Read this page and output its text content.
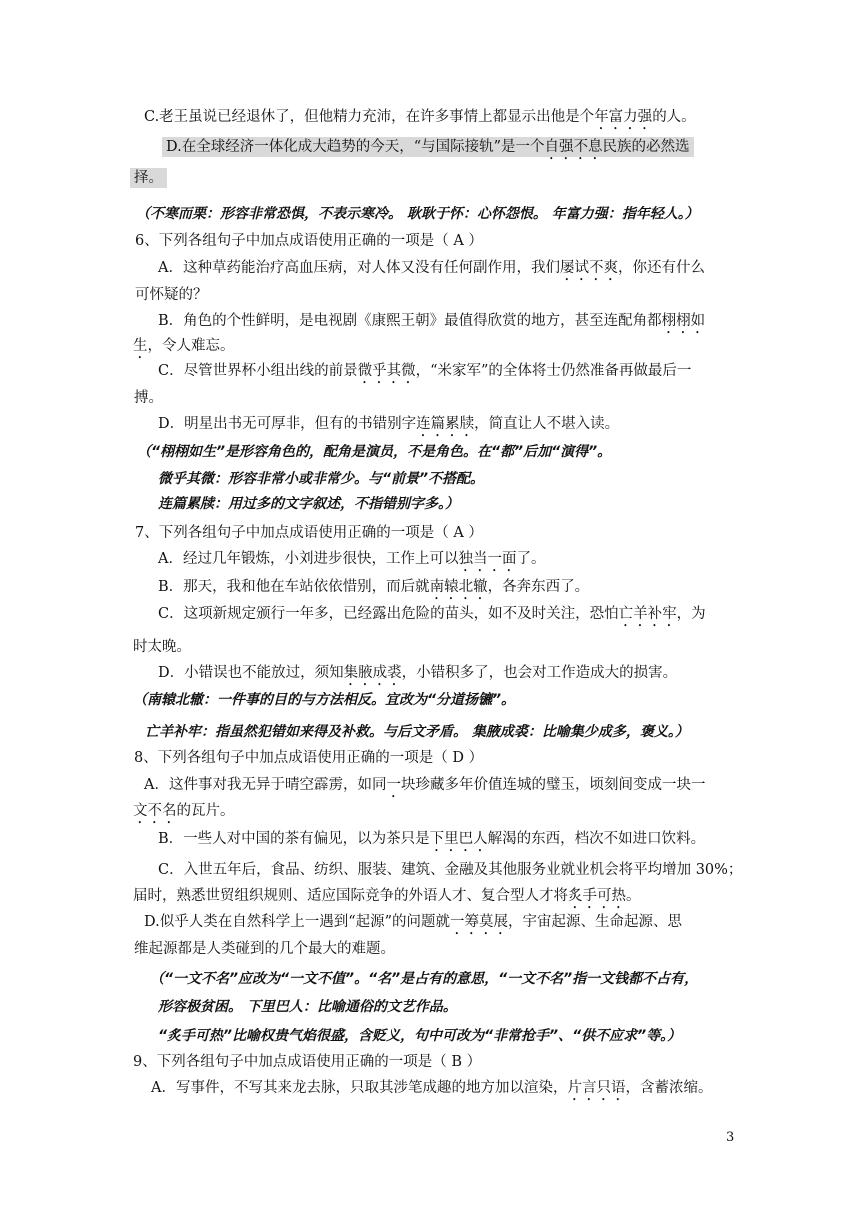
C.老王虽说已经退休了，但他精力充沛，在许多事情上都显示出他是个年富力强的人。
D.在全球经济一体化成大趋势的今天，“与国际接轨”是一个自强不息民族的必然选
择。
（不寒而栗：形容非常恐惧，不表示寒冷。 耿耿于怀：心怀怨恨。 年富力强：指年轻人。）
6、下列各组句子中加点成语使用正确的一项是（ A ）
A．这种草药能治疗高血压病，对人体又没有任何副作用，我们屡试不爽，你还有什么
可怀疑的？
B．角色的个性鲜明，是电视剧《康熙王朝》最值得欣赏的地方，甚至连配角都栩栩如
生，令人难忘。
C．尽管世界杯小组出线的前景微乎其微，“米家军”的全体将士仍然准备再做最后一
搏。
D．明星出书无可厚非，但有的书错别字连篇累牍，简直让人不堪入读。
（“栩栩如生”是形容角色的，配角是演员，不是角色。在“都”后加“演得”。
微乎其微：形容非常小或非常少。与“前景”不搭配。
连篇累牍：用过多的文字叙述，不指错别字多。）
7、下列各组句子中加点成语使用正确的一项是（ A ）
A．经过几年锻炼，小刘进步很快，工作上可以独当一面了。
B．那天，我和他在车站依依惜别，而后就南辕北辙，各奔东西了。
C．这项新规定颁行一年多，已经露出危险的苗头，如不及时关注，恐怕亡羊补牢，为
时太晚。
D．小错误也不能放过，须知集腋成裘，小错积多了，也会对工作造成大的损害。
（南辕北辙：一件事的目的与方法相反。宜改为“分道扬镳”。
亡羊补牢：指虽然犯错如来得及补救。与后文矛盾。 集腋成裘：比喻集少成多，褒义。）
8、下列各组句子中加点成语使用正确的一项是（ D ）
A．这件事对我无异于晴空霹雳，如同一块珍藏多年价值连城的璧玉，顷刻间变成一块一
文不名的瓦片。
B．一些人对中国的茶有偏见，以为茶只是下里巴人解渴的东西，档次不如进口饮料。
C．入世五年后，食品、纺织、服装、建筑、金融及其他服务业就业机会将平均增加 30%；
届时，熟悉世贸组织规则、适应国际竞争的外语人才、复合型人才将炙手可热。
D.似乎人类在自然科学上一遇到“起源”的问题就一筹莫展，宇宙起源、生命起源、思
维起源都是人类碰到的几个最大的难题。
（“一文不名”应改为“一文不值”。“名”是占有的意思，“一文不名”指一文钱都不占有，
形容极贫困。 下里巴人：比喻通俗的文艺作品。
“炙手可热”比喻权贵气焰很盛，含贬义，句中可改为“非常抢手”、“供不应求”等。）
9、下列各组句子中加点成语使用正确的一项是（ B ）
A．写事件，不写其来龙去脉，只取其涉笔成趣的地方加以渲染，片言只语，含蓄浓缩。
3
